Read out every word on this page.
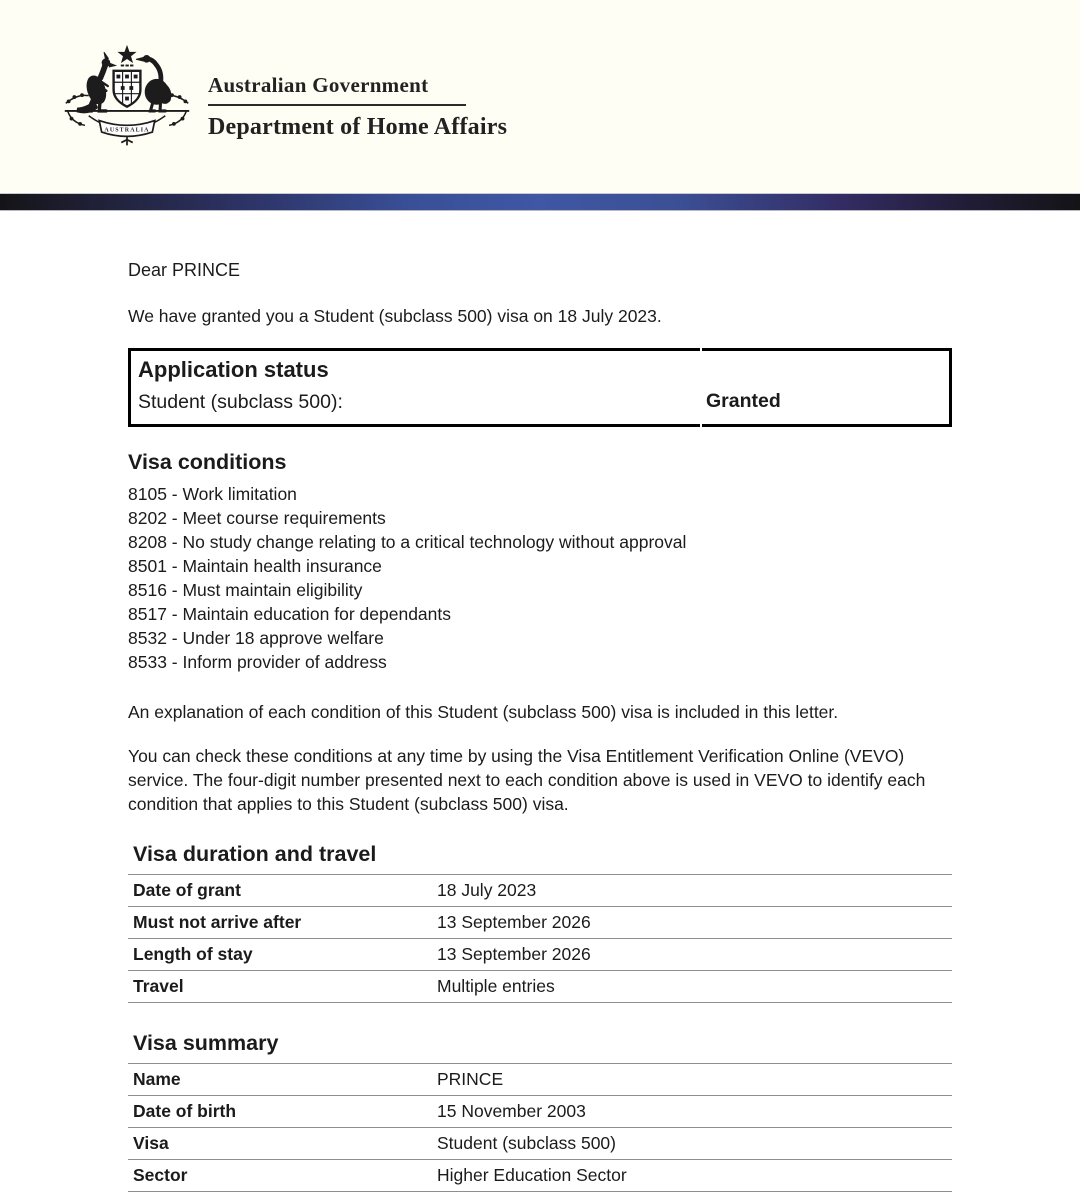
AUSTRALIA
Australian Government
Department of Home Affairs

Dear PRINCE

We have granted you a Student (subclass 500) visa on 18 July 2023.

Application status
Student (subclass 500):	Granted
Visa conditions
8105 - Work limitation
8202 - Meet course requirements
8208 - No study change relating to a critical technology without approval
8501 - Maintain health insurance
8516 - Must maintain eligibility
8517 - Maintain education for dependants
8532 - Under 18 approve welfare
8533 - Inform provider of address

An explanation of each condition of this Student (subclass 500) visa is included in this letter.

You can check these conditions at any time by using the Visa Entitlement Verification Online (VEVO) service. The four-digit number presented next to each condition above is used in VEVO to identify each condition that applies to this Student (subclass 500) visa.

Visa duration and travel
Date of grant	18 July 2023
Must not arrive after	13 September 2026
Length of stay	13 September 2026
Travel	Multiple entries
Visa summary
Name	PRINCE
Date of birth	15 November 2003
Visa	Student (subclass 500)
Sector	Higher Education Sector
